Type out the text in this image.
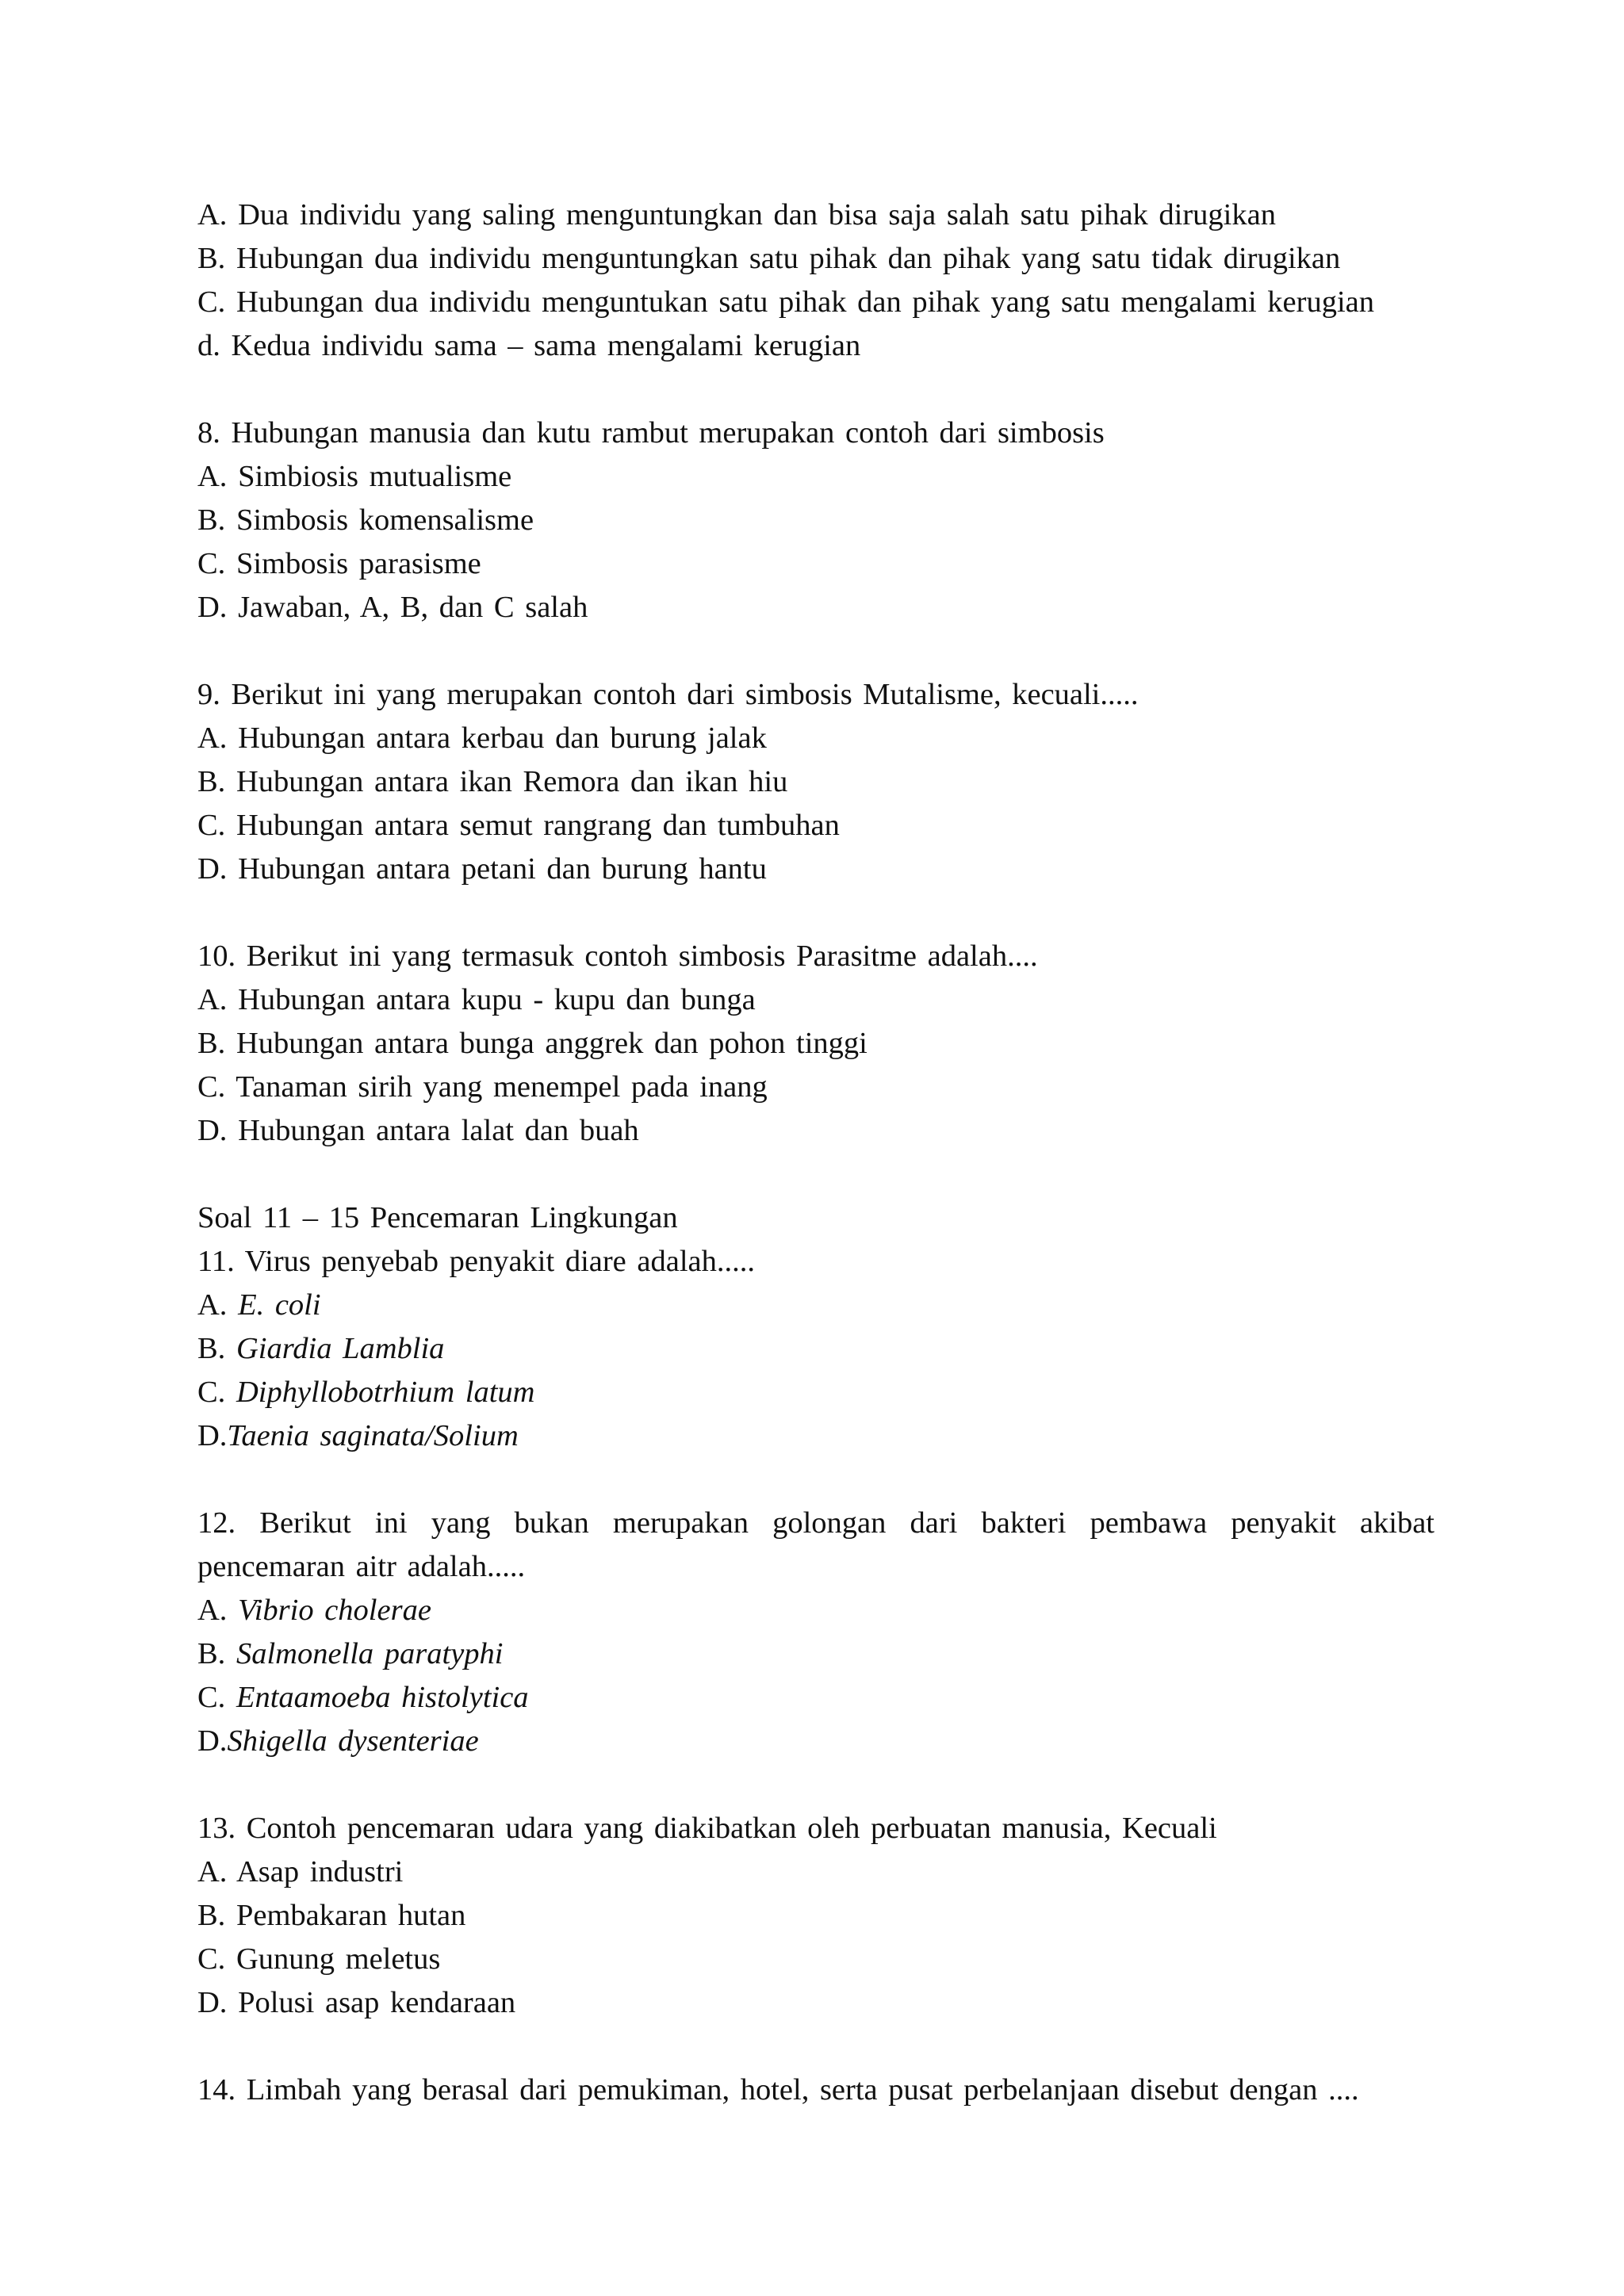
A. Dua individu yang saling menguntungkan dan bisa saja salah satu pihak dirugikan
B. Hubungan dua individu menguntungkan satu pihak dan pihak yang satu tidak dirugikan
C. Hubungan dua individu menguntukan satu pihak dan pihak yang satu mengalami kerugian
d. Kedua individu sama – sama mengalami kerugian
8. Hubungan manusia dan kutu rambut merupakan contoh dari simbosis
A. Simbiosis mutualisme
B. Simbosis komensalisme
C. Simbosis parasisme
D. Jawaban, A, B, dan C salah
9. Berikut ini yang merupakan contoh dari simbosis Mutalisme, kecuali.....
A. Hubungan antara kerbau dan burung jalak
B. Hubungan antara ikan Remora dan ikan hiu
C. Hubungan antara semut rangrang dan tumbuhan
D. Hubungan antara petani dan burung hantu
10. Berikut ini yang termasuk contoh simbosis Parasitme adalah....
A. Hubungan antara kupu - kupu dan bunga
B. Hubungan antara bunga anggrek dan pohon tinggi
C. Tanaman sirih yang menempel pada inang
D. Hubungan antara lalat dan buah
Soal 11 – 15 Pencemaran Lingkungan
11. Virus penyebab penyakit diare adalah.....
A. E. coli
B. Giardia Lamblia
C. Diphyllobotrhium latum
D.Taenia saginata/Solium
12. Berikut ini yang bukan merupakan golongan dari bakteri pembawa penyakit akibat pencemaran aitr adalah.....
A. Vibrio cholerae
B. Salmonella paratyphi
C. Entaamoeba histolytica
D.Shigella dysenteriae
13. Contoh pencemaran udara yang diakibatkan oleh perbuatan manusia, Kecuali
A. Asap industri
B. Pembakaran hutan
C. Gunung meletus
D. Polusi asap kendaraan
14. Limbah yang berasal dari pemukiman, hotel, serta pusat perbelanjaan disebut dengan ....
